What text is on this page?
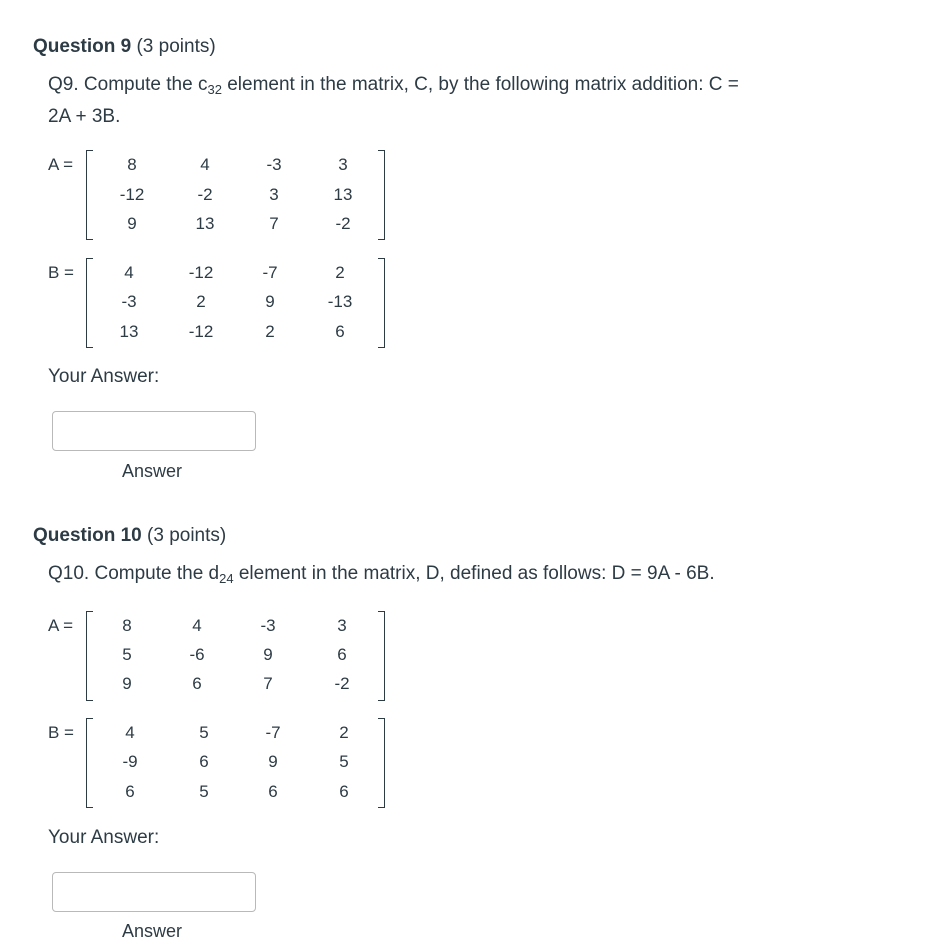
Question 9 (3 points)
Q9. Compute the $c_{32}$ element in the matrix, C, by the following matrix addition: C =
2A + 3B.
A =	8	4	-3	3
-12	-2	3	13
9	13	7	-2
B =	4	-12	-7	2
-3	2	9	-13
13	-12	2	6
Your Answer:
Answer
Question 10 (3 points)
Q10. Compute the $d_{24}$ element in the matrix, D, defined as follows: D = 9A - 6B.
A =	8	4	-3	3
5	-6	9	6
9	6	7	-2
B =	4	5	-7	2
-9	6	9	5
6	5	6	6
Your Answer:
Answer
